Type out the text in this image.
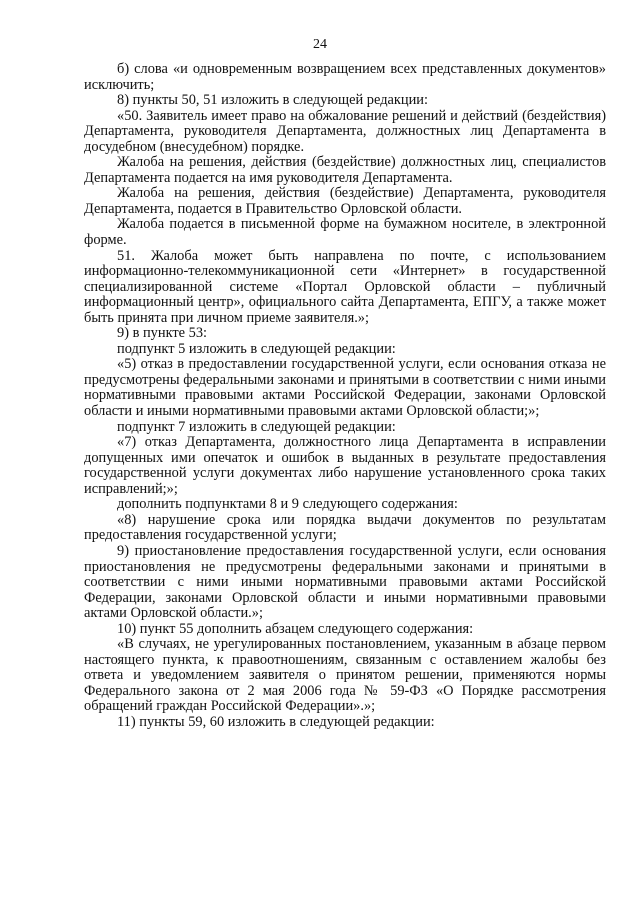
24

б) слова «и одновременным возвращением всех представленных документов» исключить;

8) пункты 50, 51 изложить в следующей редакции:

«50. Заявитель имеет право на обжалование решений и действий (бездействия) Департамента, руководителя Департамента, должностных лиц Департамента в досудебном (внесудебном) порядке.

Жалоба на решения, действия (бездействие) должностных лиц, специалистов Департамента подается на имя руководителя Департамента.

Жалоба на решения, действия (бездействие) Департамента, руководителя Департамента, подается в Правительство Орловской области.

Жалоба подается в письменной форме на бумажном носителе, в электронной форме.

51. Жалоба может быть направлена по почте, с использованием информационно-телекоммуникационной сети «Интернет» в государственной специализированной системе «Портал Орловской области – публичный информационный центр», официального сайта Департамента, ЕПГУ, а также может быть принята при личном приеме заявителя.»;

9) в пункте 53:

подпункт 5 изложить в следующей редакции:

«5) отказ в предоставлении государственной услуги, если основания отказа не предусмотрены федеральными законами и принятыми в соответствии с ними иными нормативными правовыми актами Российской Федерации, законами Орловской области и иными нормативными правовыми актами Орловской области;»;

подпункт 7 изложить в следующей редакции:

«7) отказ Департамента, должностного лица Департамента в исправлении допущенных ими опечаток и ошибок в выданных в результате предоставления государственной услуги документах либо нарушение установленного срока таких исправлений;»;

дополнить подпунктами 8 и 9 следующего содержания:

«8) нарушение срока или порядка выдачи документов по результатам предоставления государственной услуги;

9) приостановление предоставления государственной услуги, если основания приостановления не предусмотрены федеральными законами и принятыми в соответствии с ними иными нормативными правовыми актами Российской Федерации, законами Орловской области и иными нормативными правовыми актами Орловской области.»;

10) пункт 55 дополнить абзацем следующего содержания:

«В случаях, не урегулированных постановлением, указанным в абзаце первом настоящего пункта, к правоотношениям, связанным с оставлением жалобы без ответа и уведомлением заявителя о принятом решении, применяются нормы Федерального закона от 2 мая 2006 года № 59-ФЗ «О Порядке рассмотрения обращений граждан Российской Федерации».»;

11) пункты 59, 60 изложить в следующей редакции:
